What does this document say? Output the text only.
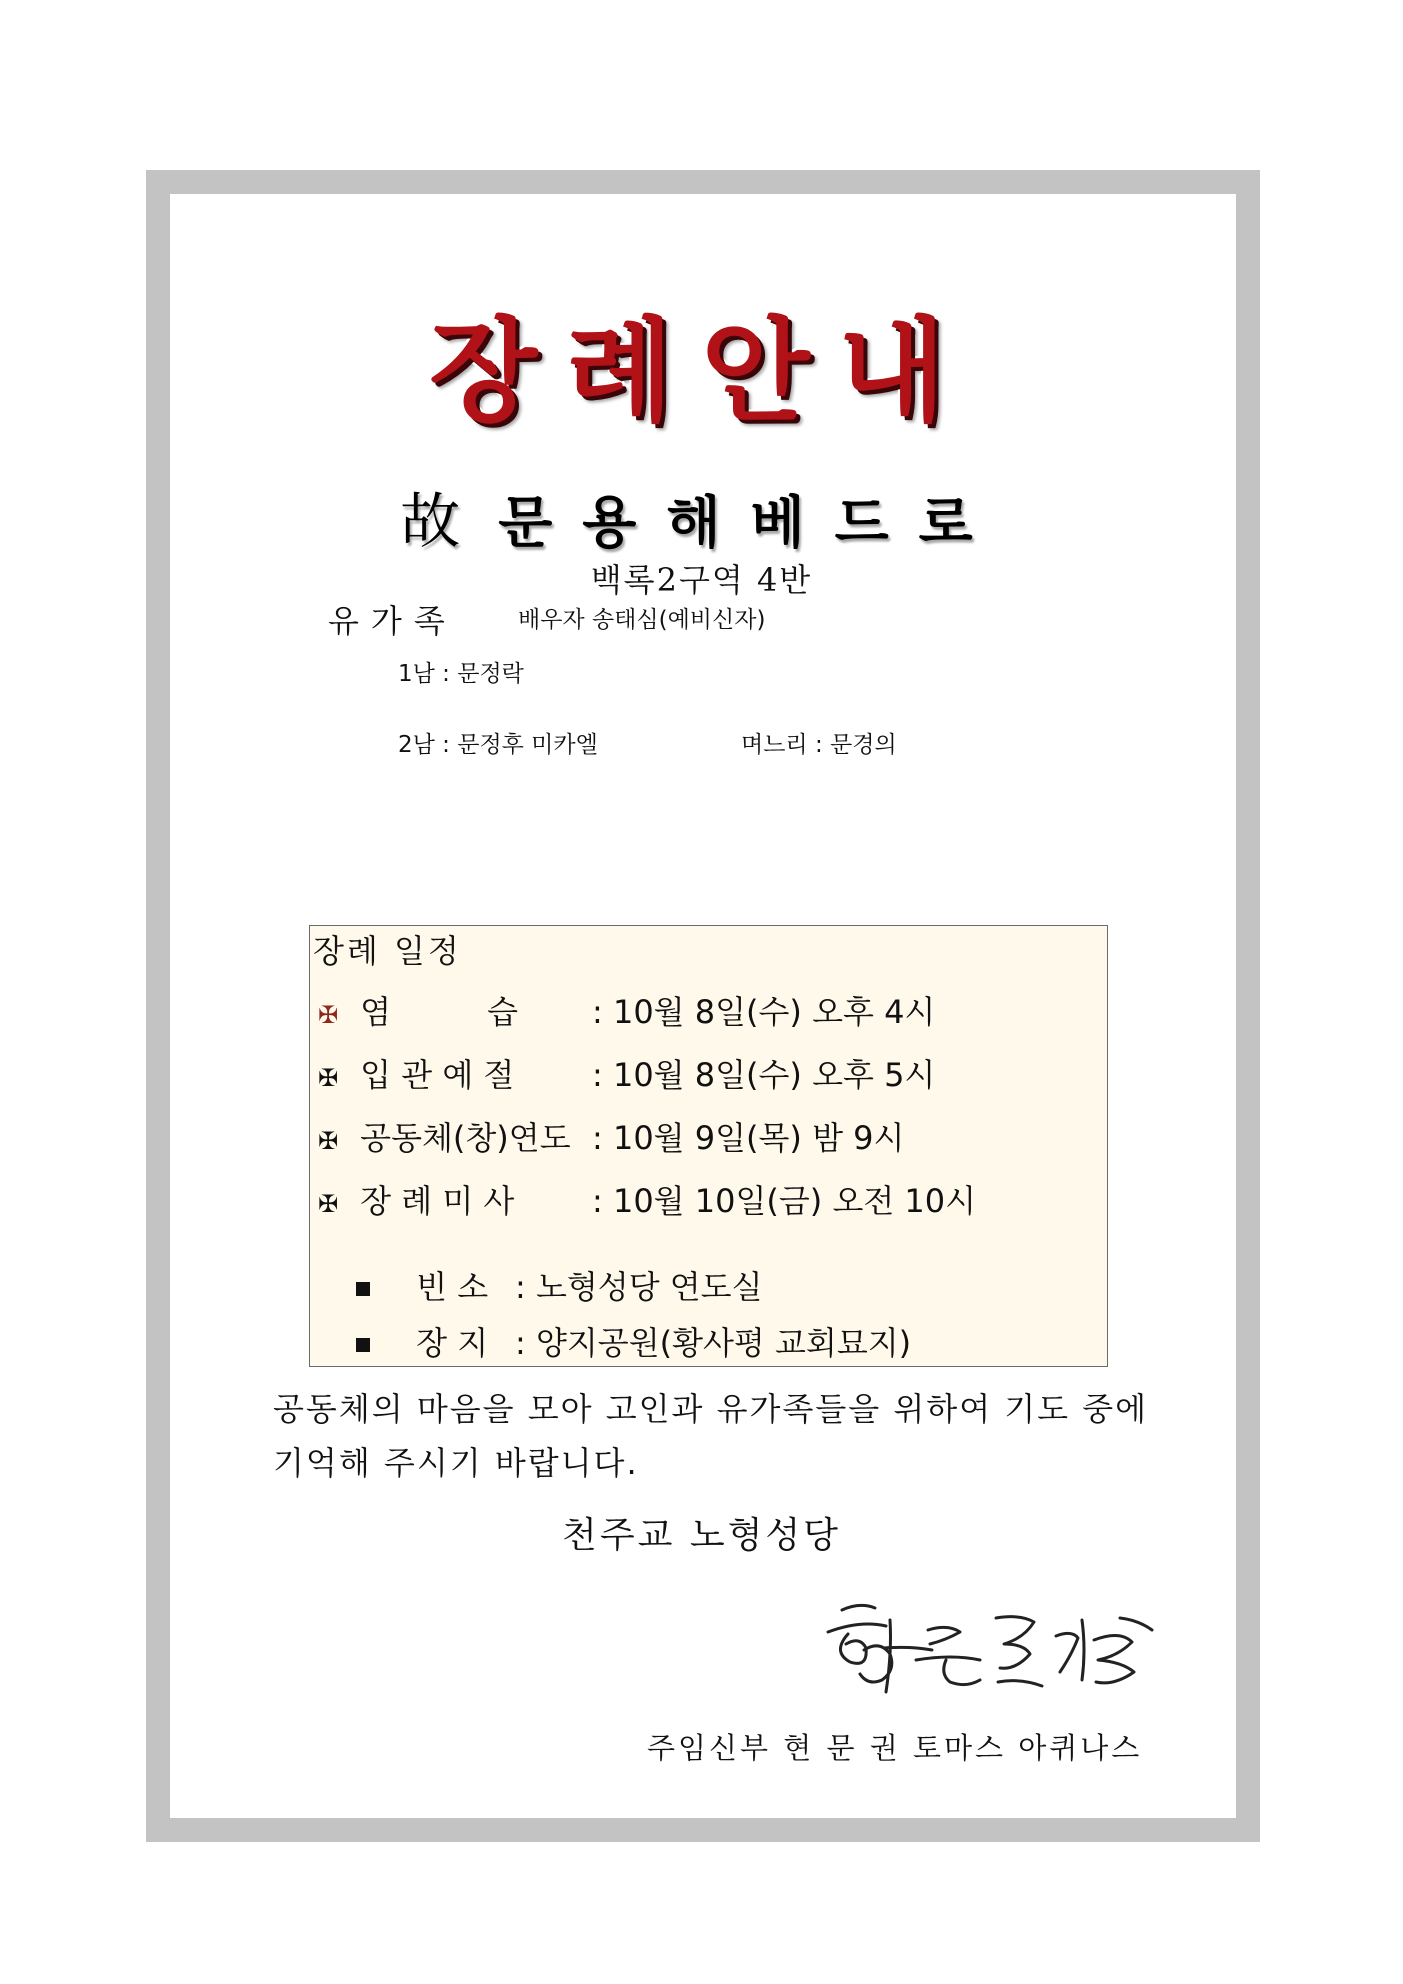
장례안내
故 문용해베드로
백록2구역 4반
유가족	배우자 송태심(예비신자)
1남 : 문정락
2남 : 문정후 미카엘	며느리 : 문경의
장례 일정
✠ 염　　　습 : 10월 8일(수) 오후 4시
✠ 입 관 예 절 : 10월 8일(수) 오후 5시
✠ 공동체(창)연도 : 10월 9일(목) 밤 9시
✠ 장 례 미 사 : 10월 10일(금) 오전 10시
빈 소 : 노형성당 연도실
장 지 : 양지공원(황사평 교회묘지)
공동체의 마음을 모아 고인과 유가족들을 위하여 기도 중에
기억해 주시기 바랍니다.
천주교 노형성당
주임신부 현 문 권 토마스 아퀴나스
